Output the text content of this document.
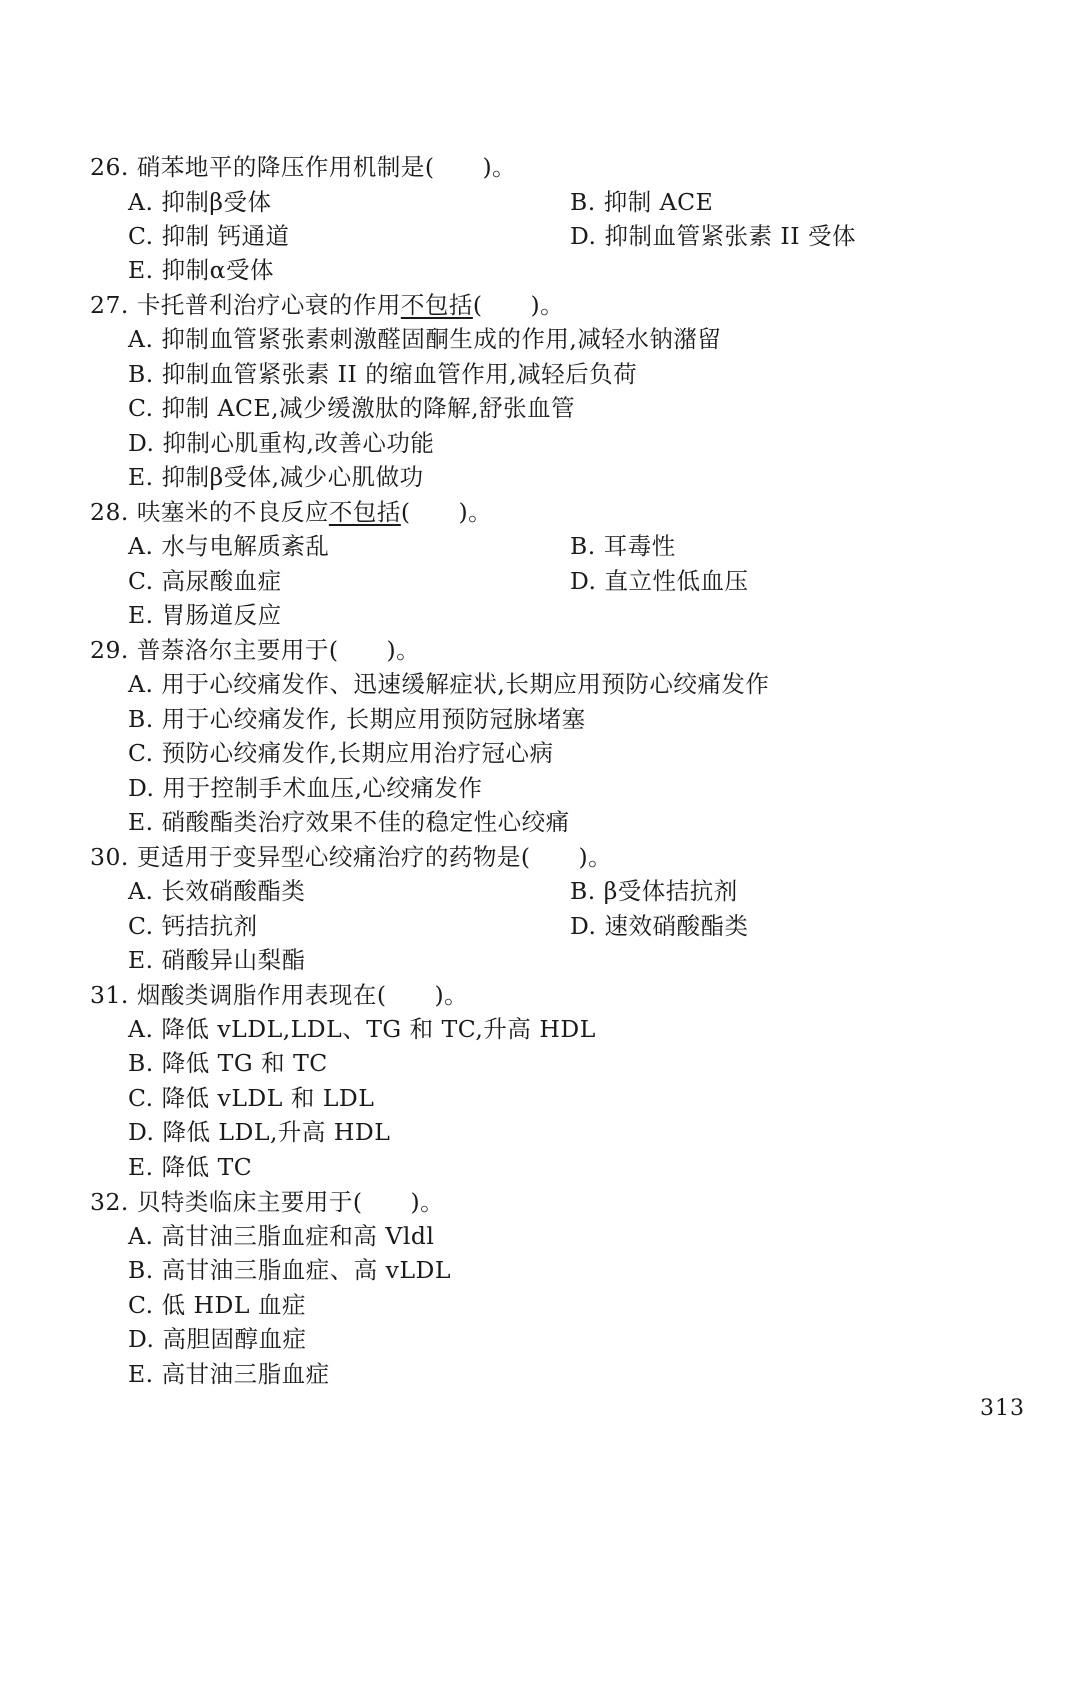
26. 硝苯地平的降压作用机制是(　　)。
A. 抑制β受体	B. 抑制 ACE
C. 抑制 钙通道	D. 抑制血管紧张素 II 受体
E. 抑制α受体
27. 卡托普利治疗心衰的作用不包括(　　)。
A. 抑制血管紧张素刺激醛固酮生成的作用,减轻水钠潴留
B. 抑制血管紧张素 II 的缩血管作用,减轻后负荷
C. 抑制 ACE,减少缓激肽的降解,舒张血管
D. 抑制心肌重构,改善心功能
E. 抑制β受体,减少心肌做功
28. 呋塞米的不良反应不包括(　　)。
A. 水与电解质紊乱	B. 耳毒性
C. 高尿酸血症	D. 直立性低血压
E. 胃肠道反应
29. 普萘洛尔主要用于(　　)。
A. 用于心绞痛发作、迅速缓解症状,长期应用预防心绞痛发作
B. 用于心绞痛发作, 长期应用预防冠脉堵塞
C. 预防心绞痛发作,长期应用治疗冠心病
D. 用于控制手术血压,心绞痛发作
E. 硝酸酯类治疗效果不佳的稳定性心绞痛
30. 更适用于变异型心绞痛治疗的药物是(　　)。
A. 长效硝酸酯类	B. β受体拮抗剂
C. 钙拮抗剂	D. 速效硝酸酯类
E. 硝酸异山梨酯
31. 烟酸类调脂作用表现在(　　)。
A. 降低 vLDL,LDL、TG 和 TC,升高 HDL
B. 降低 TG 和 TC
C. 降低 vLDL 和 LDL
D. 降低 LDL,升高 HDL
E. 降低 TC
32. 贝特类临床主要用于(　　)。
A. 高甘油三脂血症和高 Vldl
B. 高甘油三脂血症、高 vLDL
C. 低 HDL 血症
D. 高胆固醇血症
E. 高甘油三脂血症
313
